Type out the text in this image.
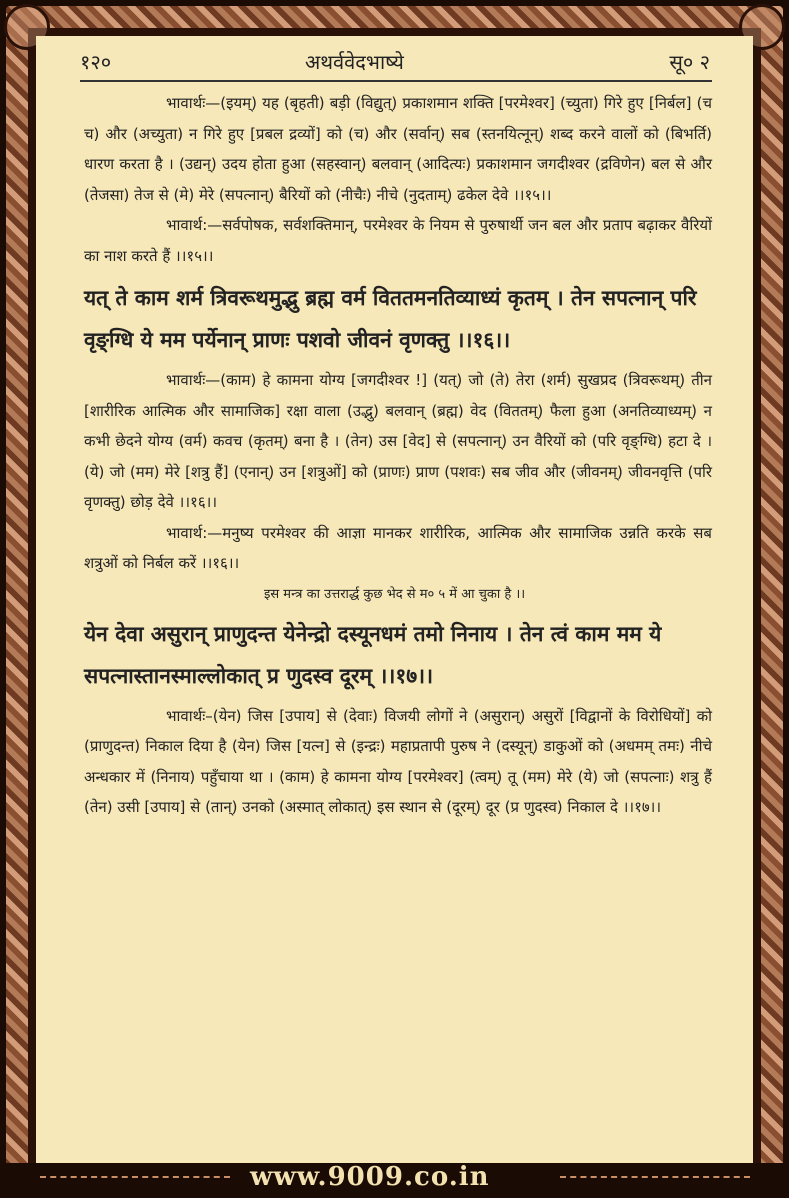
१२०	अथर्ववेदभाष्ये	सू० २

भावार्थः—(इयम्) यह (बृहती) बड़ी (विद्युत्) प्रकाशमान शक्ति [परमेश्वर] (च्युता) गिरे हुए [निर्बल] (च च) और (अच्युता) न गिरे हुए [प्रबल द्रव्यों] को (च) और (सर्वान्) सब (स्तनयित्नून्) शब्द करने वालों को (बिभर्ति) धारण करता है । (उद्यन्) उदय होता हुआ (सहस्वान्) बलवान् (आदित्यः) प्रकाशमान जगदीश्वर (द्रविणेन) बल से और (तेजसा) तेज से (मे) मेरे (सपत्नान्) बैरियों को (नीचैः) नीचे (नुदताम्) ढकेल देवे ।।१५।।

भावार्थ:—सर्वपोषक, सर्वशक्तिमान्, परमेश्वर के नियम से पुरुषार्थी जन बल और प्रताप बढ़ाकर वैरियों का नाश करते हैं ।।१५।।

यत् ते काम शर्म त्रिवरूथमुद्भु ब्रह्म वर्म विततमनतिव्याध्यं कृतम् । तेन सपत्नान् परि वृङ्ग्धि ये मम पर्येनान् प्राणः पशवो जीवनं वृणक्तु ।।१६।।

भावार्थः—(काम) हे कामना योग्य [जगदीश्वर !] (यत्) जो (ते) तेरा (शर्म) सुखप्रद (त्रिवरूथम्) तीन [शारीरिक आत्मिक और सामाजिक] रक्षा वाला (उद्भु) बलवान् (ब्रह्म) वेद (विततम्) फैला हुआ (अनतिव्याध्यम्) न कभी छेदने योग्य (वर्म) कवच (कृतम्) बना है । (तेन) उस [वेद] से (सपत्नान्) उन वैरियों को (परि वृङ्ग्धि) हटा दे । (ये) जो (मम) मेरे [शत्रु हैं] (एनान्) उन [शत्रुओं] को (प्राणः) प्राण (पशवः) सब जीव और (जीवनम्) जीवनवृत्ति (परि वृणक्तु) छोड़ देवे ।।१६।।

भावार्थ:—मनुष्य परमेश्वर की आज्ञा मानकर शारीरिक, आत्मिक और सामाजिक उन्नति करके सब शत्रुओं को निर्बल करें ।।१६।।

इस मन्त्र का उत्तरार्द्ध कुछ भेद से म० ५ में आ चुका है ।।

येन देवा असुरान् प्राणुदन्त येनेन्द्रो दस्यूनधमं तमो निनाय । तेन त्वं काम मम ये सपत्नास्तानस्माल्लोकात् प्र णुदस्व दूरम् ।।१७।।

भावार्थः–(येन) जिस [उपाय] से (देवाः) विजयी लोगों ने (असुरान्) असुरों [विद्वानों के विरोधियों] को (प्राणुदन्त) निकाल दिया है (येन) जिस [यत्न] से (इन्द्रः) महाप्रतापी पुरुष ने (दस्यून्) डाकुओं को (अधमम् तमः) नीचे अन्धकार में (निनाय) पहुँचाया था । (काम) हे कामना योग्य [परमेश्वर] (त्वम्) तू (मम) मेरे (ये) जो (सपत्नाः) शत्रु हैं (तेन) उसी [उपाय] से (तान्) उनको (अस्मात् लोकात्) इस स्थान से (दूरम्) दूर (प्र णुदस्व) निकाल दे ।।१७।।

www.9009.co.in
